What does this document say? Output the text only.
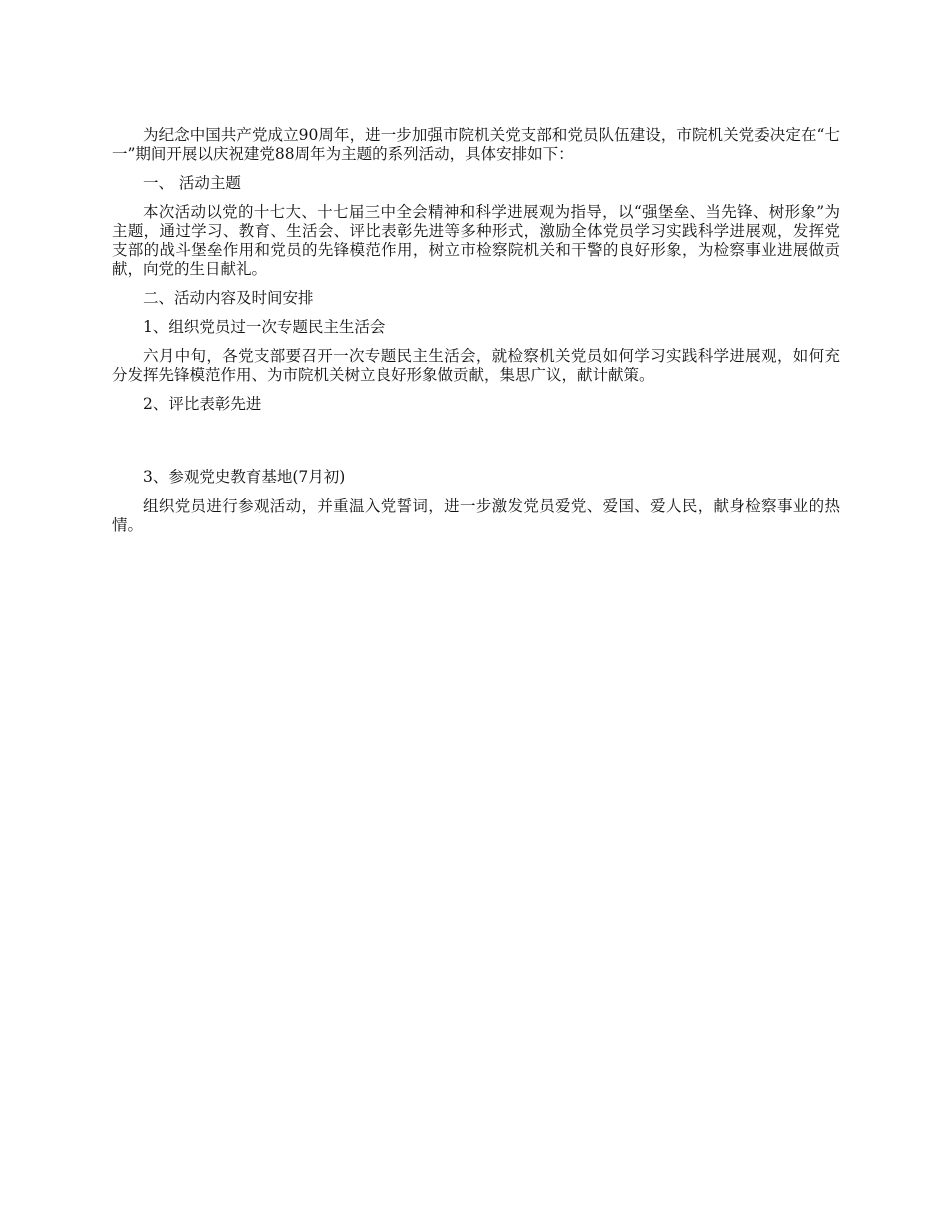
为纪念中国共产党成立90周年，进一步加强市院机关党支部和党员队伍建设，市院机关党委决定在“七一”期间开展以庆祝建党88周年为主题的系列活动，具体安排如下：

一、 活动主题

本次活动以党的十七大、十七届三中全会精神和科学进展观为指导，以“强堡垒、当先锋、树形象”为主题，通过学习、教育、生活会、评比表彰先进等多种形式，激励全体党员学习实践科学进展观，发挥党支部的战斗堡垒作用和党员的先锋模范作用，树立市检察院机关和干警的良好形象，为检察事业进展做贡献，向党的生日献礼。

二、活动内容及时间安排

1、组织党员过一次专题民主生活会

六月中旬，各党支部要召开一次专题民主生活会，就检察机关党员如何学习实践科学进展观，如何充分发挥先锋模范作用、为市院机关树立良好形象做贡献，集思广议，献计献策。

2、评比表彰先进

3、参观党史教育基地(7月初)

组织党员进行参观活动，并重温入党誓词，进一步激发党员爱党、爱国、爱人民，献身检察事业的热情。
